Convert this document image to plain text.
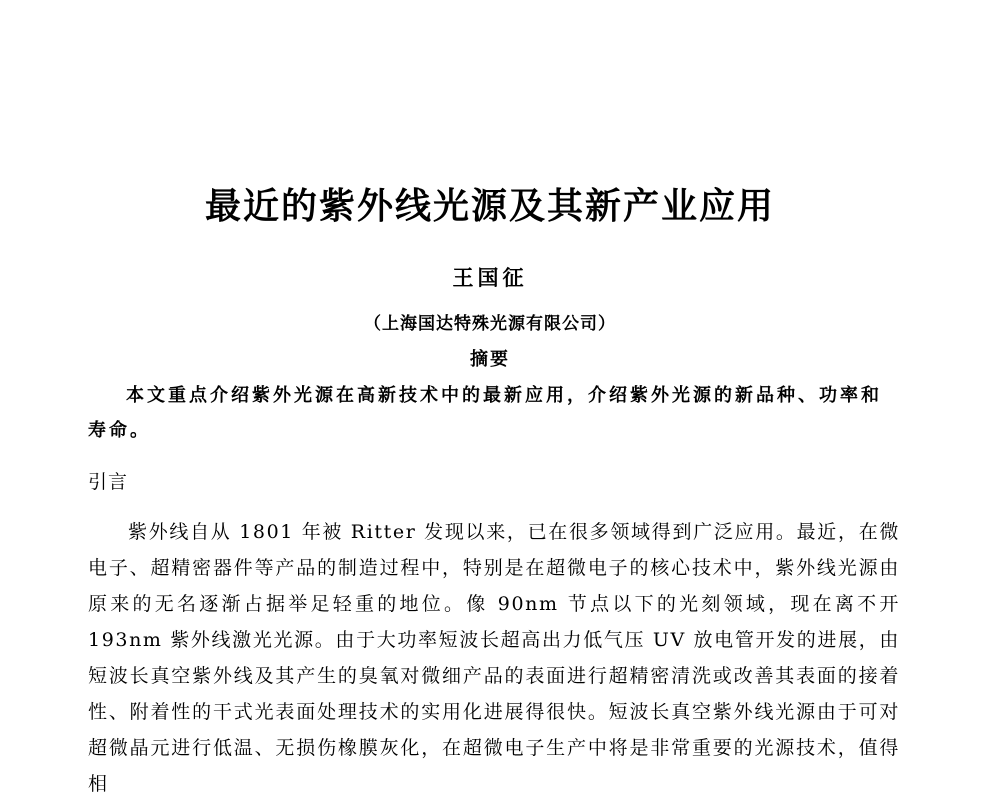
最近的紫外线光源及其新产业应用
王国征
（上海国达特殊光源有限公司）
摘要
本文重点介绍紫外光源在高新技术中的最新应用，介绍紫外光源的新品种、功率和寿命。
引言
紫外线自从 1801 年被 Ritter 发现以来，已在很多领域得到广泛应用。最近，在微电子、超精密器件等产品的制造过程中，特别是在超微电子的核心技术中，紫外线光源由原来的无名逐渐占据举足轻重的地位。像 90nm 节点以下的光刻领域，现在离不开 193nm 紫外线激光光源。由于大功率短波长超高出力低气压 UV 放电管开发的进展，由短波长真空紫外线及其产生的臭氧对微细产品的表面进行超精密清洗或改善其表面的接着性、附着性的干式光表面处理技术的实用化进展得很快。短波长真空紫外线光源由于可对超微晶元进行低温、无损伤橡膜灰化，在超微电子生产中将是非常重要的光源技术，值得相
